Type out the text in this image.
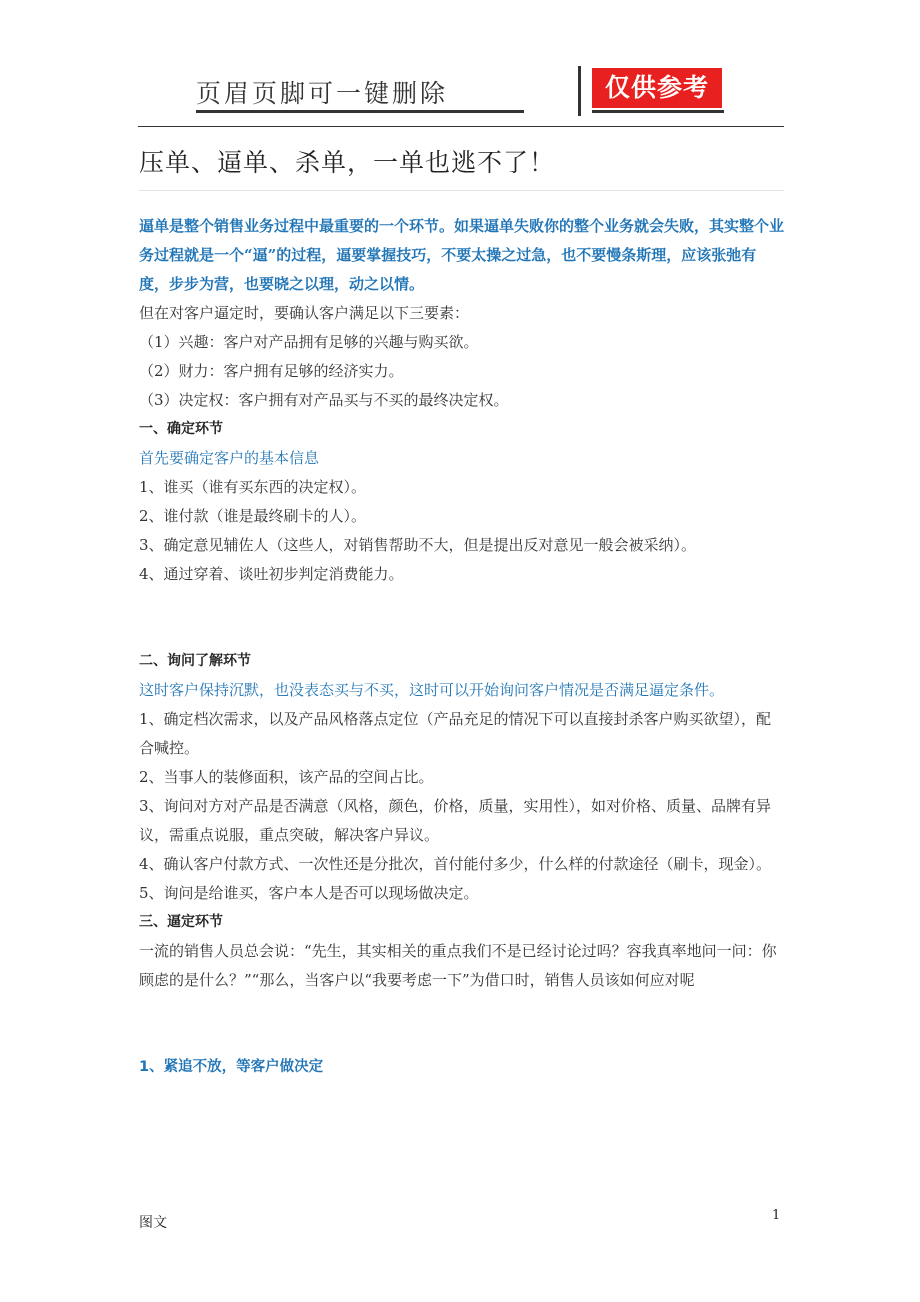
页眉页脚可一键删除	仅供参考
压单、逼单、杀单，一单也逃不了！

逼单是整个销售业务过程中最重要的一个环节。如果逼单失败你的整个业务就会失败，其实整个业务过程就是一个“逼”的过程，逼要掌握技巧，不要太操之过急，也不要慢条斯理，应该张弛有度，步步为营，也要晓之以理，动之以情。

但在对客户逼定时，要确认客户满足以下三要素：

（1）兴趣：客户对产品拥有足够的兴趣与购买欲。

（2）财力：客户拥有足够的经济实力。

（3）决定权：客户拥有对产品买与不买的最终决定权。

一、确定环节

首先要确定客户的基本信息

1、谁买（谁有买东西的决定权）。

2、谁付款（谁是最终刷卡的人）。

3、确定意见辅佐人（这些人，对销售帮助不大，但是提出反对意见一般会被采纳）。

4、通过穿着、谈吐初步判定消费能力。

二、询问了解环节

这时客户保持沉默，也没表态买与不买，这时可以开始询问客户情况是否满足逼定条件。

1、确定档次需求，以及产品风格落点定位（产品充足的情况下可以直接封杀客户购买欲望），配合喊控。

2、当事人的装修面积，该产品的空间占比。

3、询问对方对产品是否满意（风格，颜色，价格，质量，实用性），如对价格、质量、品牌有异议，需重点说服，重点突破，解决客户异议。

4、确认客户付款方式、一次性还是分批次，首付能付多少，什么样的付款途径（刷卡，现金）。

5、询问是给谁买，客户本人是否可以现场做决定。

三、逼定环节

一流的销售人员总会说：“先生，其实相关的重点我们不是已经讨论过吗？容我真率地问一问：你顾虑的是什么？”“那么，当客户以“我要考虑一下”为借口时，销售人员该如何应对呢

1、紧追不放，等客户做决定

图文	1
